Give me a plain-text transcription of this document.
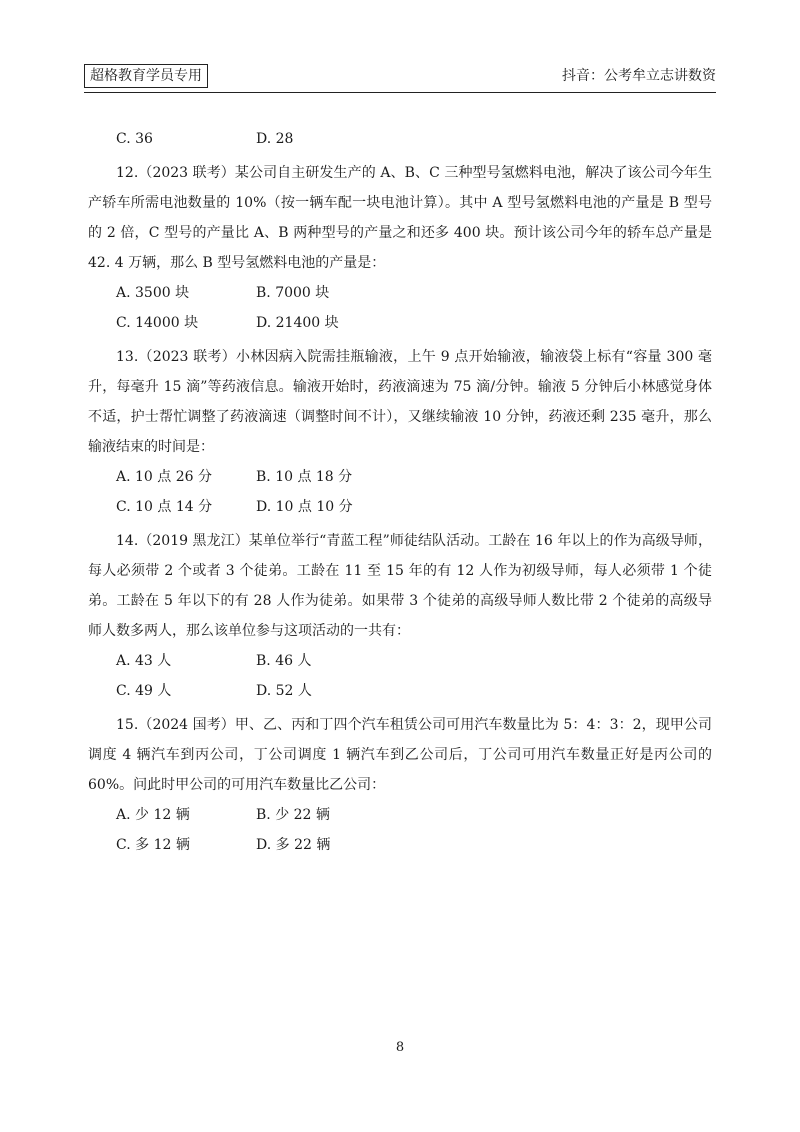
超格教育学员专用	抖音：公考牟立志讲数资
C. 36	D. 28

12.（2023 联考）某公司自主研发生产的 A、B、C 三种型号氢燃料电池，解决了该公司今年生产轿车所需电池数量的 10%（按一辆车配一块电池计算）。其中 A 型号氢燃料电池的产量是 B 型号的 2 倍，C 型号的产量比 A、B 两种型号的产量之和还多 400 块。预计该公司今年的轿车总产量是 42. 4 万辆，那么 B 型号氢燃料电池的产量是：

A. 3500 块	B. 7000 块
C. 14000 块	D. 21400 块

13.（2023 联考）小林因病入院需挂瓶输液，上午 9 点开始输液，输液袋上标有“容量 300 毫升，每毫升 15 滴”等药液信息。输液开始时，药液滴速为 75 滴/分钟。输液 5 分钟后小林感觉身体不适，护士帮忙调整了药液滴速（调整时间不计），又继续输液 10 分钟，药液还剩 235 毫升，那么输液结束的时间是：

A. 10 点 26 分	B. 10 点 18 分
C. 10 点 14 分	D. 10 点 10 分

14.（2019 黑龙江）某单位举行“青蓝工程”师徒结队活动。工龄在 16 年以上的作为高级导师，每人必须带 2 个或者 3 个徒弟。工龄在 11 至 15 年的有 12 人作为初级导师，每人必须带 1 个徒弟。工龄在 5 年以下的有 28 人作为徒弟。如果带 3 个徒弟的高级导师人数比带 2 个徒弟的高级导师人数多两人，那么该单位参与这项活动的一共有：

A. 43 人	B. 46 人
C. 49 人	D. 52 人

15.（2024 国考）甲、乙、丙和丁四个汽车租赁公司可用汽车数量比为 5：4：3：2，现甲公司调度 4 辆汽车到丙公司，丁公司调度 1 辆汽车到乙公司后，丁公司可用汽车数量正好是丙公司的 60%。问此时甲公司的可用汽车数量比乙公司：

A. 少 12 辆	B. 少 22 辆
C. 多 12 辆	D. 多 22 辆
8
